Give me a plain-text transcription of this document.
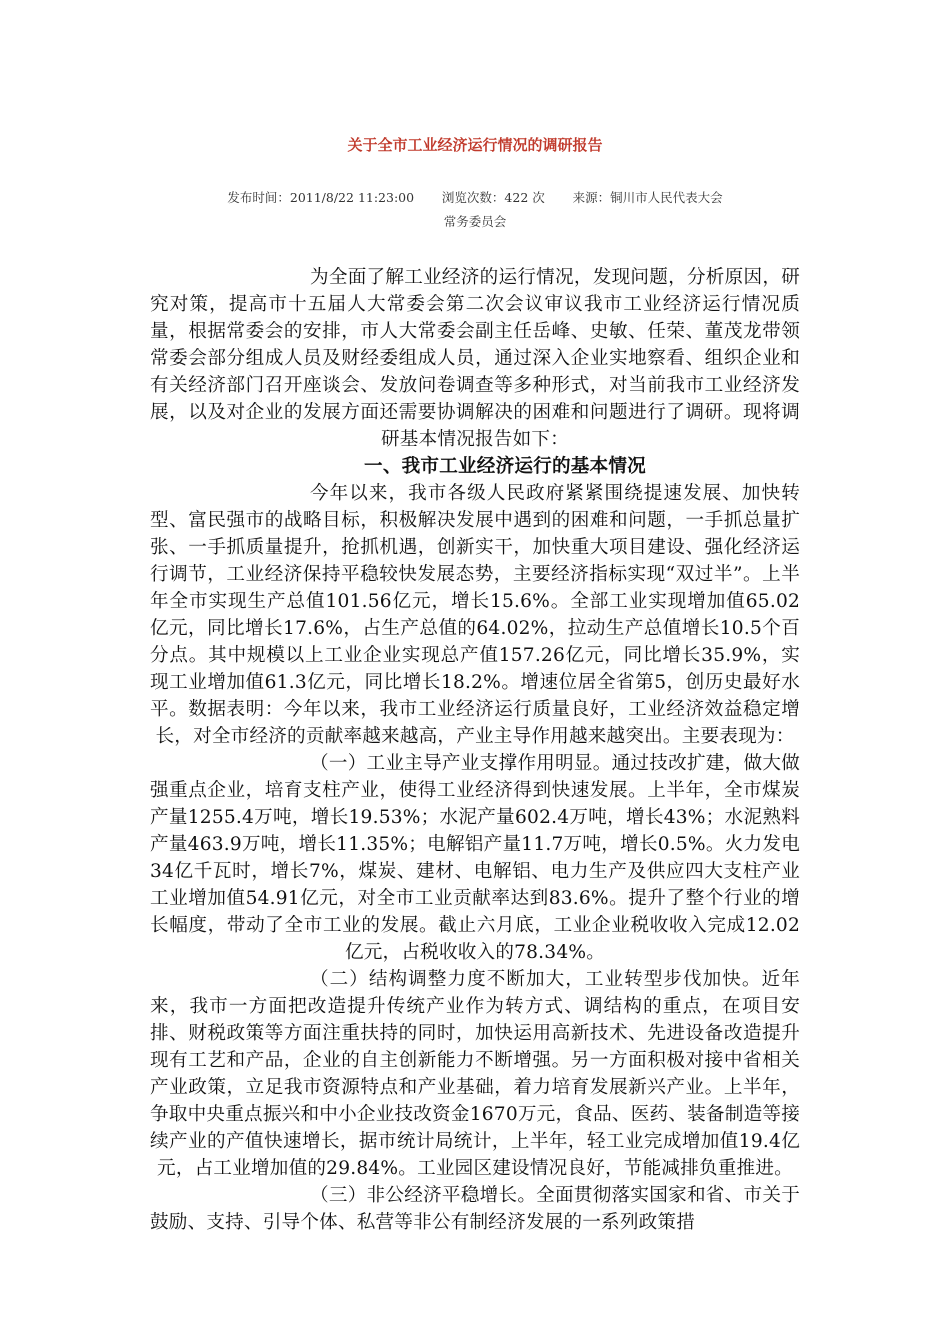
关于全市工业经济运行情况的调研报告
发布时间：2011/8/22 11:23:00 浏览次数：422 次 来源：铜川市人民代表大会
常务委员会

为全面了解工业经济的运行情况，发现问题，分析原因，研究对策，提高市十五届人大常委会第二次会议审议我市工业经济运行情况质量，根据常委会的安排，市人大常委会副主任岳峰、史敏、任荣、董茂龙带领常委会部分组成人员及财经委组成人员，通过深入企业实地察看、组织企业和有关经济部门召开座谈会、发放问卷调查等多种形式，对当前我市工业经济发展，以及对企业的发展方面还需要协调解决的困难和问题进行了调研。现将调研基本情况报告如下：

一、我市工业经济运行的基本情况

今年以来，我市各级人民政府紧紧围绕提速发展、加快转型、富民强市的战略目标，积极解决发展中遇到的困难和问题，一手抓总量扩张、一手抓质量提升，抢抓机遇，创新实干，加快重大项目建设、强化经济运行调节，工业经济保持平稳较快发展态势，主要经济指标实现“双过半”。上半年全市实现生产总值101.56亿元，增长15.6%。全部工业实现增加值65.02亿元，同比增长17.6%，占生产总值的64.02%，拉动生产总值增长10.5个百分点。其中规模以上工业企业实现总产值157.26亿元，同比增长35.9%，实现工业增加值61.3亿元，同比增长18.2%。增速位居全省第5，创历史最好水平。数据表明：今年以来，我市工业经济运行质量良好，工业经济效益稳定增长，对全市经济的贡献率越来越高，产业主导作用越来越突出。主要表现为：

（一）工业主导产业支撑作用明显。通过技改扩建，做大做强重点企业，培育支柱产业，使得工业经济得到快速发展。上半年，全市煤炭产量1255.4万吨，增长19.53%；水泥产量602.4万吨，增长43%；水泥熟料产量463.9万吨，增长11.35%；电解铝产量11.7万吨，增长0.5%。火力发电34亿千瓦时，增长7%，煤炭、建材、电解铝、电力生产及供应四大支柱产业工业增加值54.91亿元，对全市工业贡献率达到83.6%。提升了整个行业的增长幅度，带动了全市工业的发展。截止六月底，工业企业税收收入完成12.02亿元，占税收收入的78.34%。

（二）结构调整力度不断加大，工业转型步伐加快。近年来，我市一方面把改造提升传统产业作为转方式、调结构的重点，在项目安排、财税政策等方面注重扶持的同时，加快运用高新技术、先进设备改造提升现有工艺和产品，企业的自主创新能力不断增强。另一方面积极对接中省相关产业政策，立足我市资源特点和产业基础，着力培育发展新兴产业。上半年，争取中央重点振兴和中小企业技改资金1670万元，食品、医药、装备制造等接续产业的产值快速增长，据市统计局统计，上半年，轻工业完成增加值19.4亿元，占工业增加值的29.84%。工业园区建设情况良好，节能减排负重推进。

（三）非公经济平稳增长。全面贯彻落实国家和省、市关于鼓励、支持、引导个体、私营等非公有制经济发展的一系列政策措
